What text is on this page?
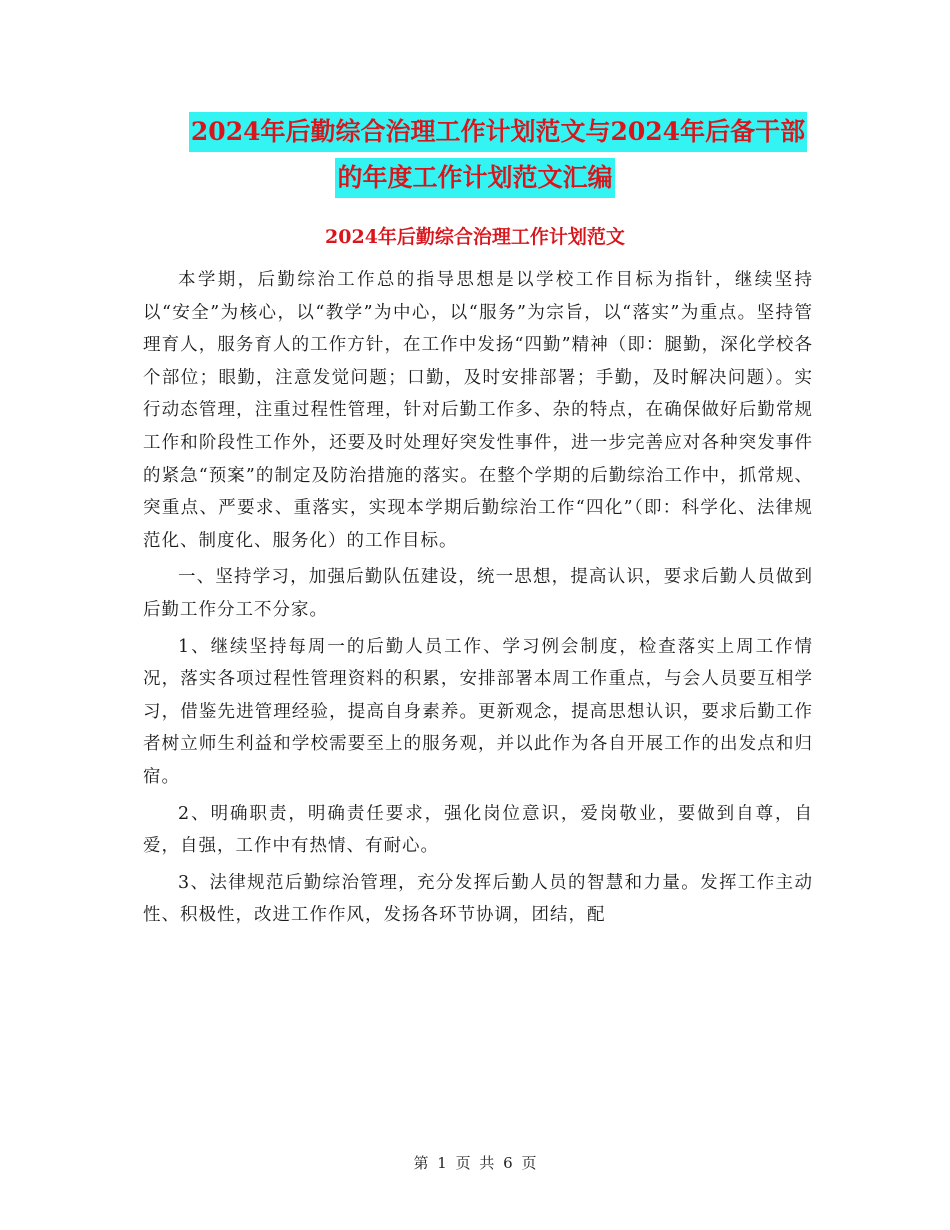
2024年后勤综合治理工作计划范文与2024年后备干部
的年度工作计划范文汇编
2024年后勤综合治理工作计划范文

本学期，后勤综治工作总的指导思想是以学校工作目标为指针，继续坚持以“安全”为核心，以“教学”为中心，以“服务”为宗旨，以“落实”为重点。坚持管理育人，服务育人的工作方针，在工作中发扬“四勤”精神（即：腿勤，深化学校各个部位；眼勤，注意发觉问题；口勤，及时安排部署；手勤，及时解决问题）。实行动态管理，注重过程性管理，针对后勤工作多、杂的特点，在确保做好后勤常规工作和阶段性工作外，还要及时处理好突发性事件，进一步完善应对各种突发事件的紧急“预案”的制定及防治措施的落实。在整个学期的后勤综治工作中，抓常规、突重点、严要求、重落实，实现本学期后勤综治工作“四化”（即：科学化、法律规范化、制度化、服务化）的工作目标。

一、坚持学习，加强后勤队伍建设，统一思想，提高认识，要求后勤人员做到后勤工作分工不分家。

1、继续坚持每周一的后勤人员工作、学习例会制度，检查落实上周工作情况，落实各项过程性管理资料的积累，安排部署本周工作重点，与会人员要互相学习，借鉴先进管理经验，提高自身素养。更新观念，提高思想认识，要求后勤工作者树立师生利益和学校需要至上的服务观，并以此作为各自开展工作的出发点和归宿。

2、明确职责，明确责任要求，强化岗位意识，爱岗敬业，要做到自尊，自爱，自强，工作中有热情、有耐心。

3、法律规范后勤综治管理，充分发挥后勤人员的智慧和力量。发挥工作主动性、积极性，改进工作作风，发扬各环节协调，团结，配

第 1 页 共 6 页
